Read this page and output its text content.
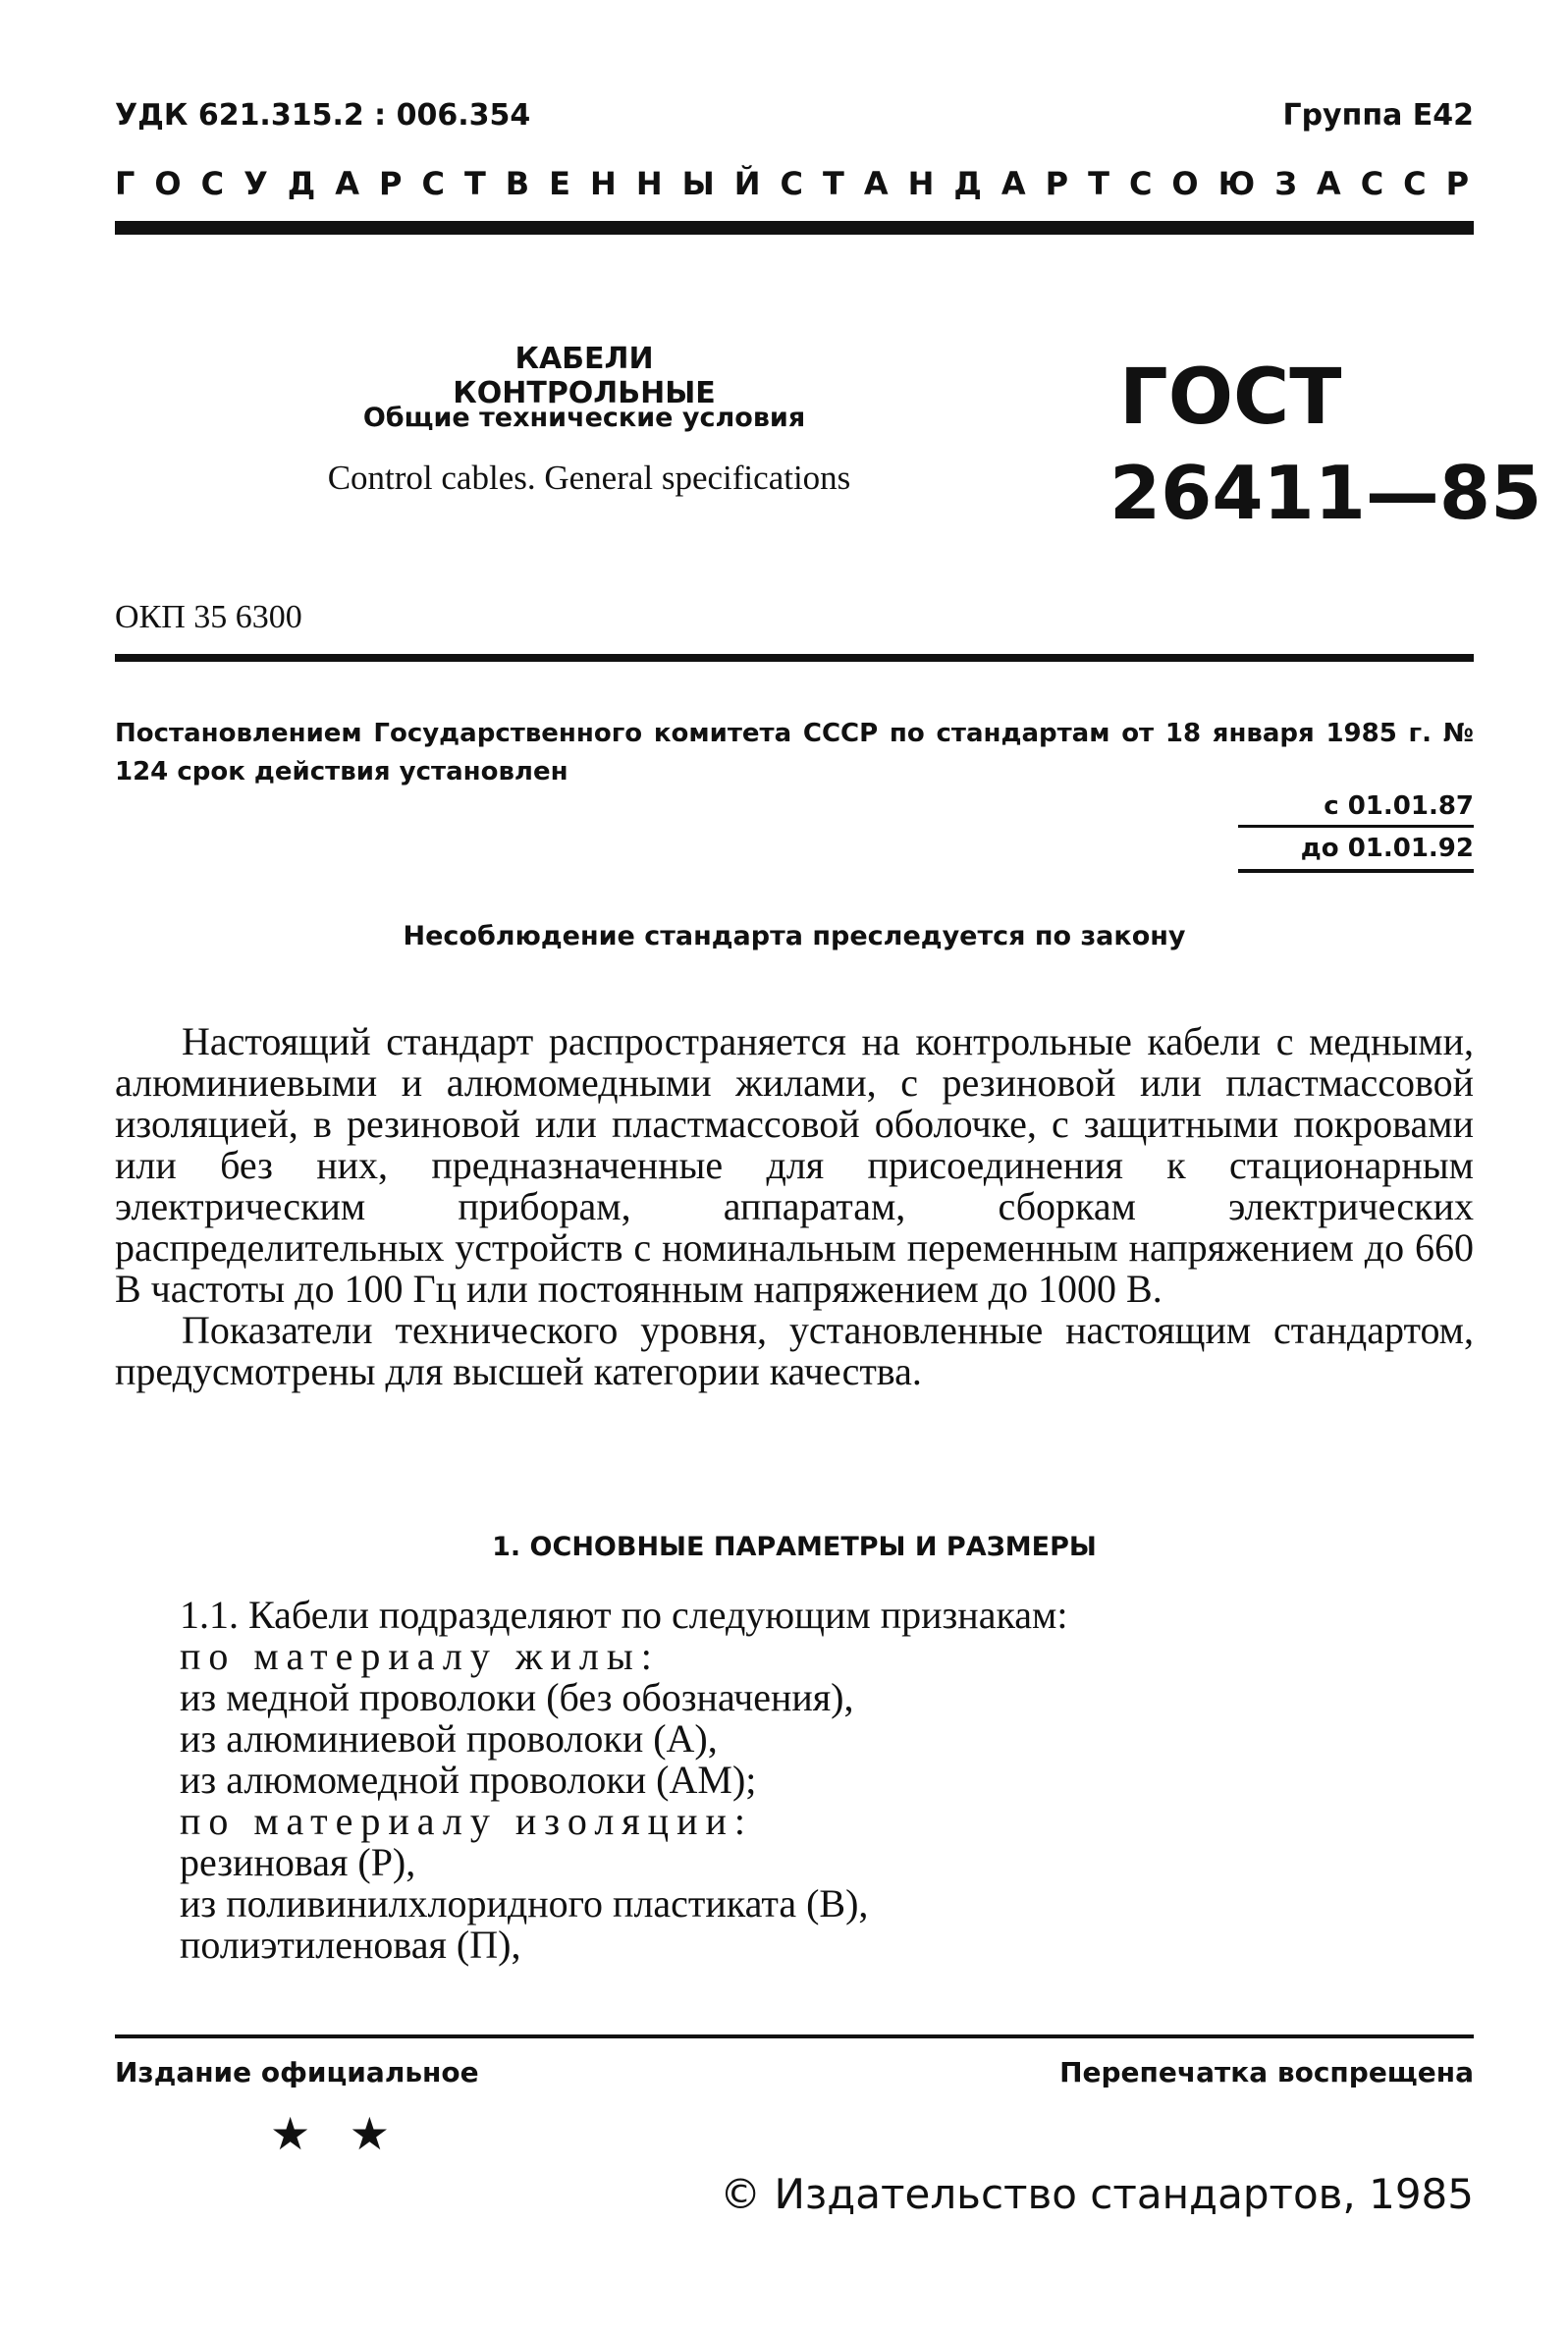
УДК 621.315.2 : 006.354	Группа Е42
ГОСУДАРСТВЕННЫЙ СТАНДАРТ СОЮЗА ССР
КАБЕЛИ КОНТРОЛЬНЫЕ
Общие технические условия
Control cables. General specifications
ГОСТ
26411—85
ОКП 35 6300
Постановлением Государственного комитета СССР по стандартам от 18 января 1985 г. № 124 срок действия установлен
с 01.01.87
до 01.01.92
Несоблюдение стандарта преследуется по закону

Настоящий стандарт распространяется на контрольные кабели с медными, алюминиевыми и алюмомедными жилами, с резиновой или пластмассовой изоляцией, в резиновой или пластмассовой оболочке, с защитными покровами или без них, предназначенные для присоединения к стационарным электрическим приборам, аппаратам, сборкам электрических распределительных устройств с номинальным переменным напряжением до 660 В частоты до 100 Гц или постоянным напряжением до 1000 В.

Показатели технического уровня, установленные настоящим стандартом, предусмотрены для высшей категории качества.

1. ОСНОВНЫЕ ПАРАМЕТРЫ И РАЗМЕРЫ
1.1. Кабели подразделяют по следующим признакам:
по материалу жилы:
из медной проволоки (без обозначения),
из алюминиевой проволоки (А),
из алюмомедной проволоки (АМ);
по материалу изоляции:
резиновая (Р),
из поливинилхлоридного пластиката (В),
полиэтиленовая (П),
Издание официальное	Перепечатка воспрещена
★ ★
© Издательство стандартов, 1985
